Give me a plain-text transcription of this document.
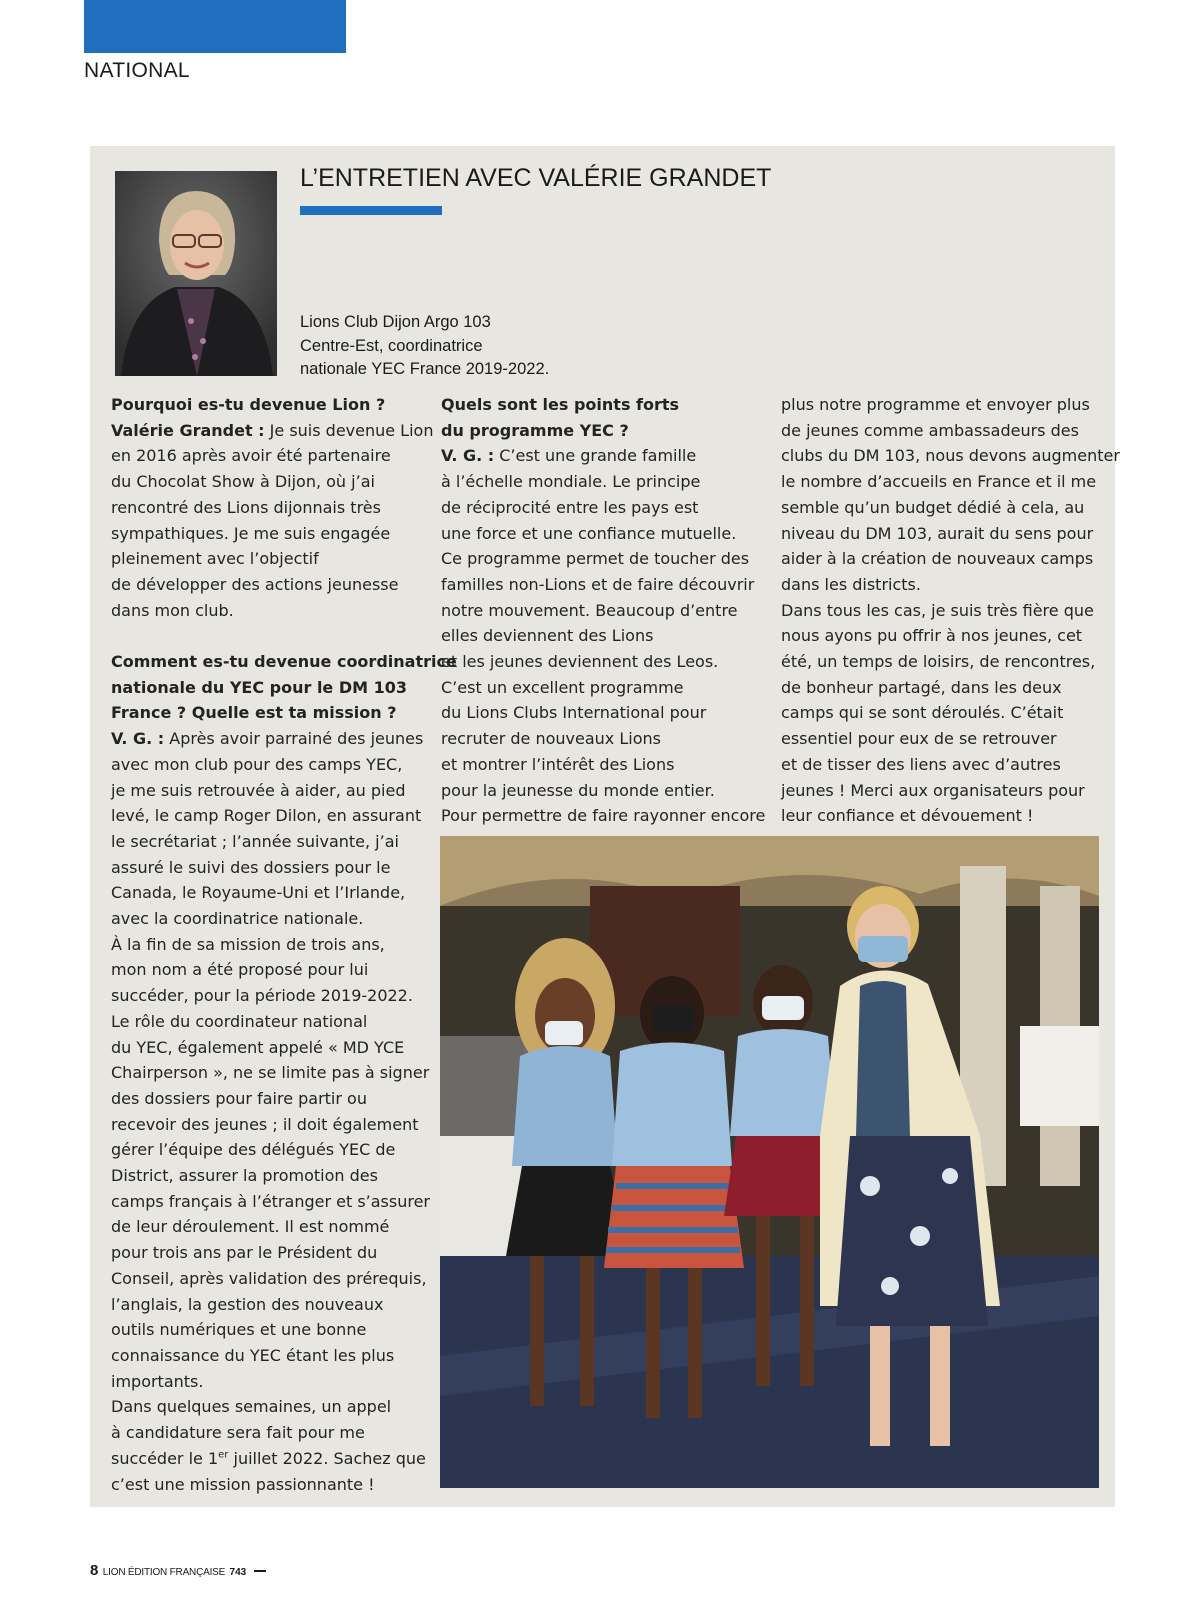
NATIONAL
L’ENTRETIEN AVEC VALÉRIE GRANDET
Lions Club Dijon Argo 103
Centre-Est, coordinatrice
nationale YEC France 2019-2022.
Pourquoi es-tu devenue Lion ?
Valérie Grandet : Je suis devenue Lion
en 2016 après avoir été partenaire
du Chocolat Show à Dijon, où j’ai
rencontré des Lions dijonnais très
sympathiques. Je me suis engagée
pleinement avec l’objectif
de développer des actions jeunesse
dans mon club.
Comment es-tu devenue coordinatrice
nationale du YEC pour le DM 103
France ? Quelle est ta mission ?
V. G. : Après avoir parrainé des jeunes
avec mon club pour des camps YEC,
je me suis retrouvée à aider, au pied
levé, le camp Roger Dilon, en assurant
le secrétariat ; l’année suivante, j’ai
assuré le suivi des dossiers pour le
Canada, le Royaume-Uni et l’Irlande,
avec la coordinatrice nationale.
À la fin de sa mission de trois ans,
mon nom a été proposé pour lui
succéder, pour la période 2019-2022.
Le rôle du coordinateur national
du YEC, également appelé « MD YCE
Chairperson », ne se limite pas à signer
des dossiers pour faire partir ou
recevoir des jeunes ; il doit également
gérer l’équipe des délégués YEC de
District, assurer la promotion des
camps français à l’étranger et s’assurer
de leur déroulement. Il est nommé
pour trois ans par le Président du
Conseil, après validation des prérequis,
l’anglais, la gestion des nouveaux
outils numériques et une bonne
connaissance du YEC étant les plus
importants.
Dans quelques semaines, un appel
à candidature sera fait pour me
succéder le 1er juillet 2022. Sachez que
c’est une mission passionnante !
Quels sont les points forts
du programme YEC ?
V. G. : C’est une grande famille
à l’échelle mondiale. Le principe
de réciprocité entre les pays est
une force et une confiance mutuelle.
Ce programme permet de toucher des
familles non-Lions et de faire découvrir
notre mouvement. Beaucoup d’entre
elles deviennent des Lions
et les jeunes deviennent des Leos.
C’est un excellent programme
du Lions Clubs International pour
recruter de nouveaux Lions
et montrer l’intérêt des Lions
pour la jeunesse du monde entier.
Pour permettre de faire rayonner encore
plus notre programme et envoyer plus
de jeunes comme ambassadeurs des
clubs du DM 103, nous devons augmenter
le nombre d’accueils en France et il me
semble qu’un budget dédié à cela, au
niveau du DM 103, aurait du sens pour
aider à la création de nouveaux camps
dans les districts.
Dans tous les cas, je suis très fière que
nous ayons pu offrir à nos jeunes, cet
été, un temps de loisirs, de rencontres,
de bonheur partagé, dans les deux
camps qui se sont déroulés. C’était
essentiel pour eux de se retrouver
et de tisser des liens avec d’autres
jeunes ! Merci aux organisateurs pour
leur confiance et dévouement !
8 LION ÉDITION FRANÇAISE 743
